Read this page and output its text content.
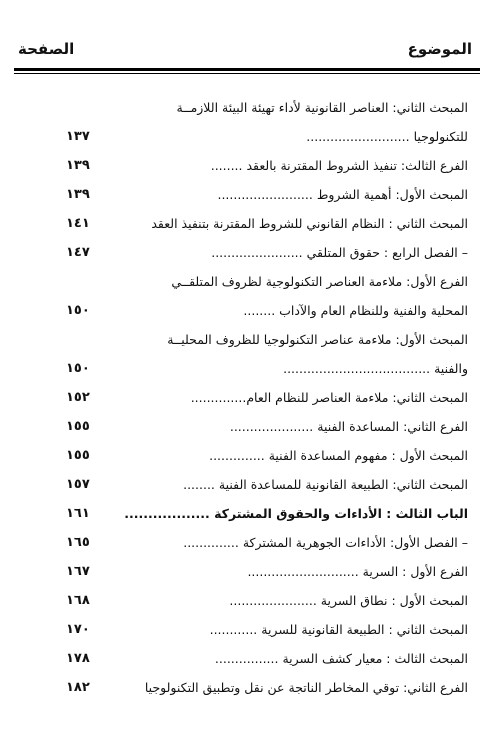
الصفحة	الموضوع
المبحث الثاني: العناصر القانونية لأداء تهيئة البيئة اللازمــة
١٣٧	للتكنولوجيا ..........................
١٣٩	الفرع الثالث: تنفيذ الشروط المقترنة بالعقد ........
١٣٩	المبحث الأول: أهمية الشروط ........................
١٤١	المبحث الثاني : النظام القانوني للشروط المقترنة بتنفيذ العقد
١٤٧	– الفصل الرابع : حقوق المتلقي .......................
الفرع الأول: ملاءمة العناصر التكنولوجية لظروف المتلقــي
١٥٠	المحلية والفنية وللنظام العام والآداب ........
المبحث الأول: ملاءمة عناصر التكنولوجيا للظروف المحليــة
١٥٠	والفنية .....................................
١٥٢	المبحث الثاني: ملاءمة العناصر للنظام العام..............
١٥٥	الفرع الثاني: المساعدة الفنية .....................
١٥٥	المبحث الأول : مفهوم المساعدة الفنية ..............
١٥٧	المبحث الثاني: الطبيعة القانونية للمساعدة الفنية ........
١٦١	الباب الثالث : الأداءات والحقوق المشتركة ..................
١٦٥	– الفصل الأول: الأداءات الجوهرية المشتركة ..............
١٦٧	الفرع الأول : السرية ............................
١٦٨	المبحث الأول : نطاق السرية ......................
١٧٠	المبحث الثاني : الطبيعة القانونية للسرية ............
١٧٨	المبحث الثالث : معيار كشف السرية ................
١٨٢	الفرع الثاني: توقي المخاطر الناتجة عن نقل وتطبيق التكنولوجيا
